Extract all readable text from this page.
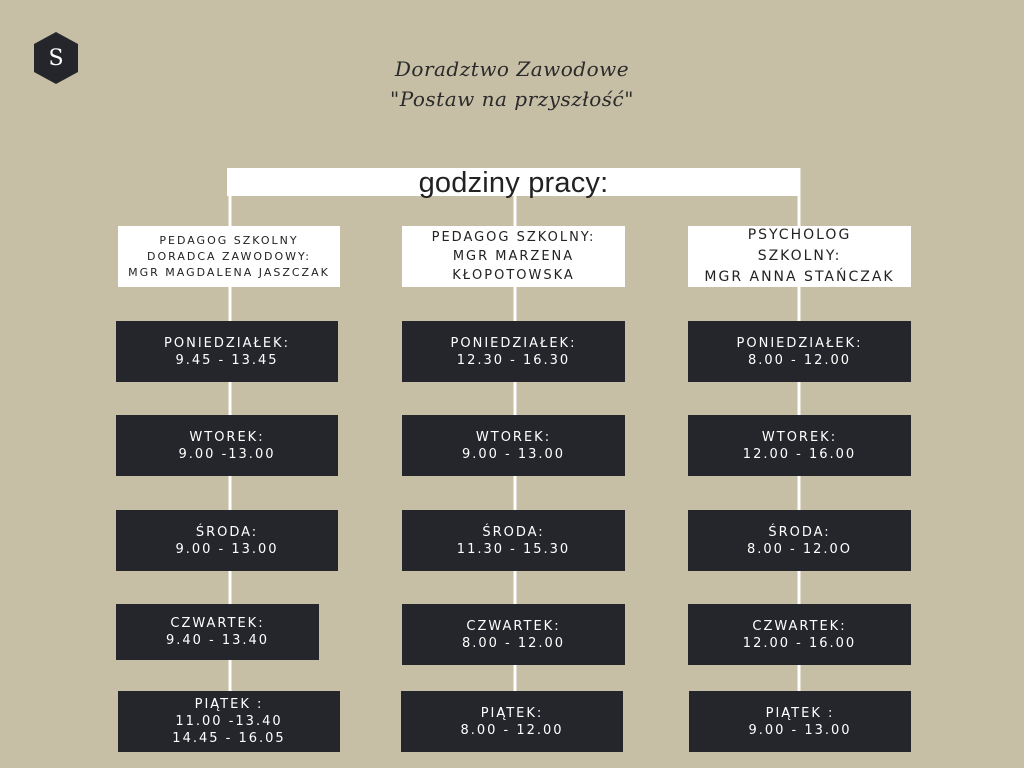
S	Doradztwo Zawodowe
"Postaw na przyszłość"
godziny pracy:
PEDAGOG SZKOLNY
DORADCA ZAWODOWY:
MGR MAGDALENA JASZCZAK
PEDAGOG SZKOLNY:
MGR MARZENA
KŁOPOTOWSKA
PSYCHOLOG
SZKOLNY:
MGR ANNA STAŃCZAK
PONIEDZIAŁEK:
9.45 - 13.45
WTOREK:
9.00 -13.00
ŚRODA:
9.00 - 13.00
CZWARTEK:
9.40 - 13.40
PIĄTEK :
11.00 -13.40
14.45 - 16.05
PONIEDZIAŁEK:
12.30 - 16.30
WTOREK:
9.00 - 13.00
ŚRODA:
11.30 - 15.30
CZWARTEK:
8.00 - 12.00
PIĄTEK:
8.00 - 12.00
PONIEDZIAŁEK:
8.00 - 12.00
WTOREK:
12.00 - 16.00
ŚRODA:
8.00 - 12.0O
CZWARTEK:
12.00 - 16.00
PIĄTEK :
9.00 - 13.00
